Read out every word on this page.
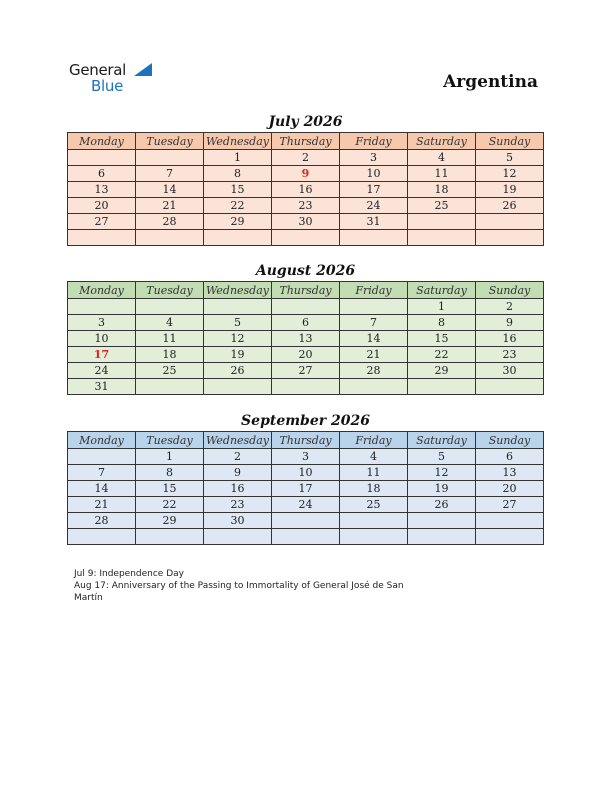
General
Blue	Argentina
July 2026
Monday	Tuesday	Wednesday	Thursday	Friday	Saturday	Sunday
		1	2	3	4	5
6	7	8	9	10	11	12
13	14	15	16	17	18	19
20	21	22	23	24	25	26
27	28	29	30	31		

August 2026
Monday	Tuesday	Wednesday	Thursday	Friday	Saturday	Sunday
					1	2
3	4	5	6	7	8	9
10	11	12	13	14	15	16
17	18	19	20	21	22	23
24	25	26	27	28	29	30
31						
September 2026
Monday	Tuesday	Wednesday	Thursday	Friday	Saturday	Sunday
	1	2	3	4	5	6
7	8	9	10	11	12	13
14	15	16	17	18	19	20
21	22	23	24	25	26	27
28	29	30				

Jul 9: Independence Day
Aug 17: Anniversary of the Passing to Immortality of General José de San Martín
